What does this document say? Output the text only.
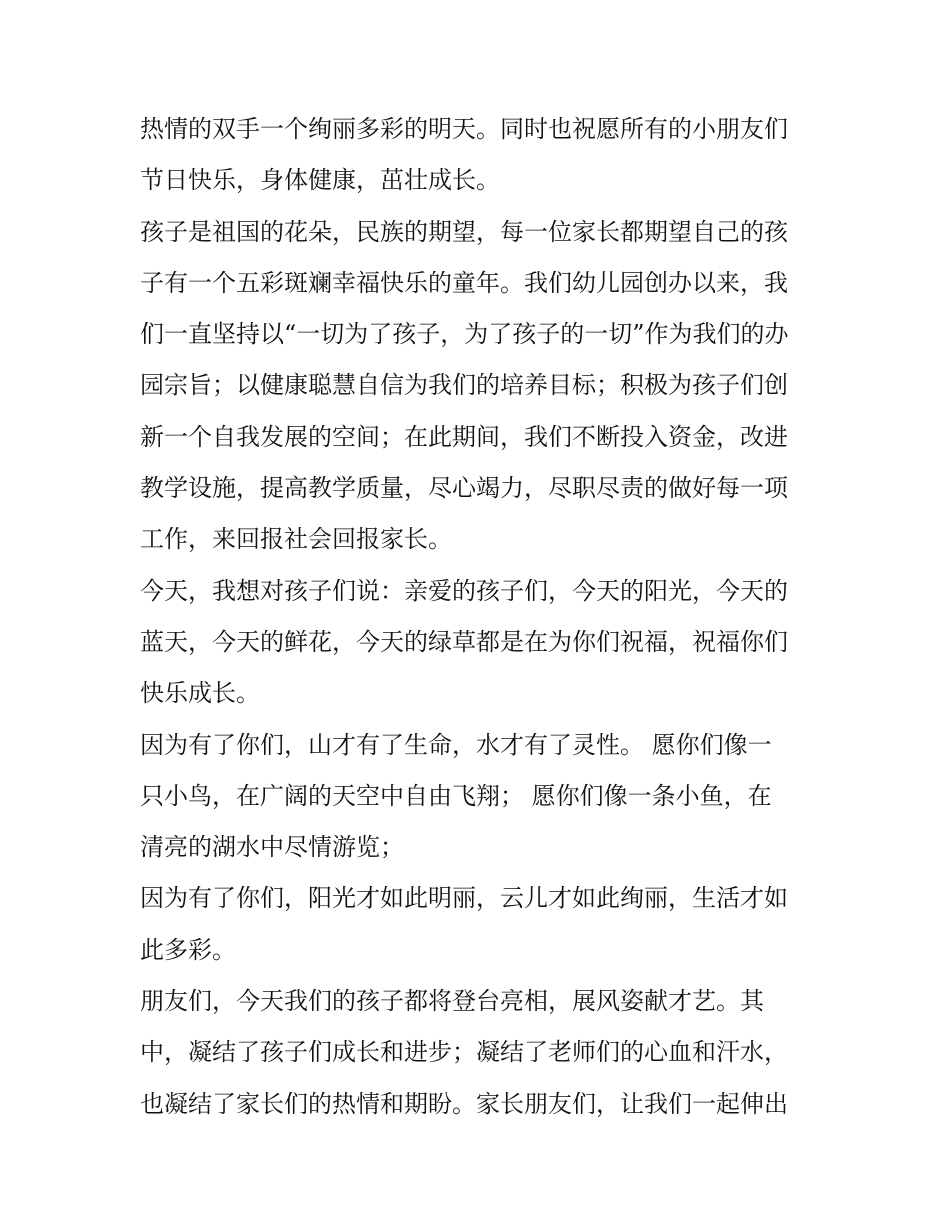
热情的双手一个绚丽多彩的明天。同时也祝愿所有的小朋友们
节日快乐，身体健康，茁壮成长。
孩子是祖国的花朵，民族的期望，每一位家长都期望自己的孩
子有一个五彩斑斓幸福快乐的童年。我们幼儿园创办以来，我
们一直坚持以“一切为了孩子，为了孩子的一切”作为我们的办
园宗旨；以健康聪慧自信为我们的培养目标；积极为孩子们创
新一个自我发展的空间；在此期间，我们不断投入资金，改进
教学设施，提高教学质量，尽心竭力，尽职尽责的做好每一项
工作，来回报社会回报家长。
今天，我想对孩子们说：亲爱的孩子们，今天的阳光，今天的
蓝天，今天的鲜花，今天的绿草都是在为你们祝福，祝福你们
快乐成长。
因为有了你们，山才有了生命，水才有了灵性。 愿你们像一
只小鸟，在广阔的天空中自由飞翔； 愿你们像一条小鱼，在
清亮的湖水中尽情游览；
因为有了你们，阳光才如此明丽，云儿才如此绚丽，生活才如
此多彩。
朋友们，今天我们的孩子都将登台亮相，展风姿献才艺。其
中，凝结了孩子们成长和进步；凝结了老师们的心血和汗水，
也凝结了家长们的热情和期盼。家长朋友们，让我们一起伸出
